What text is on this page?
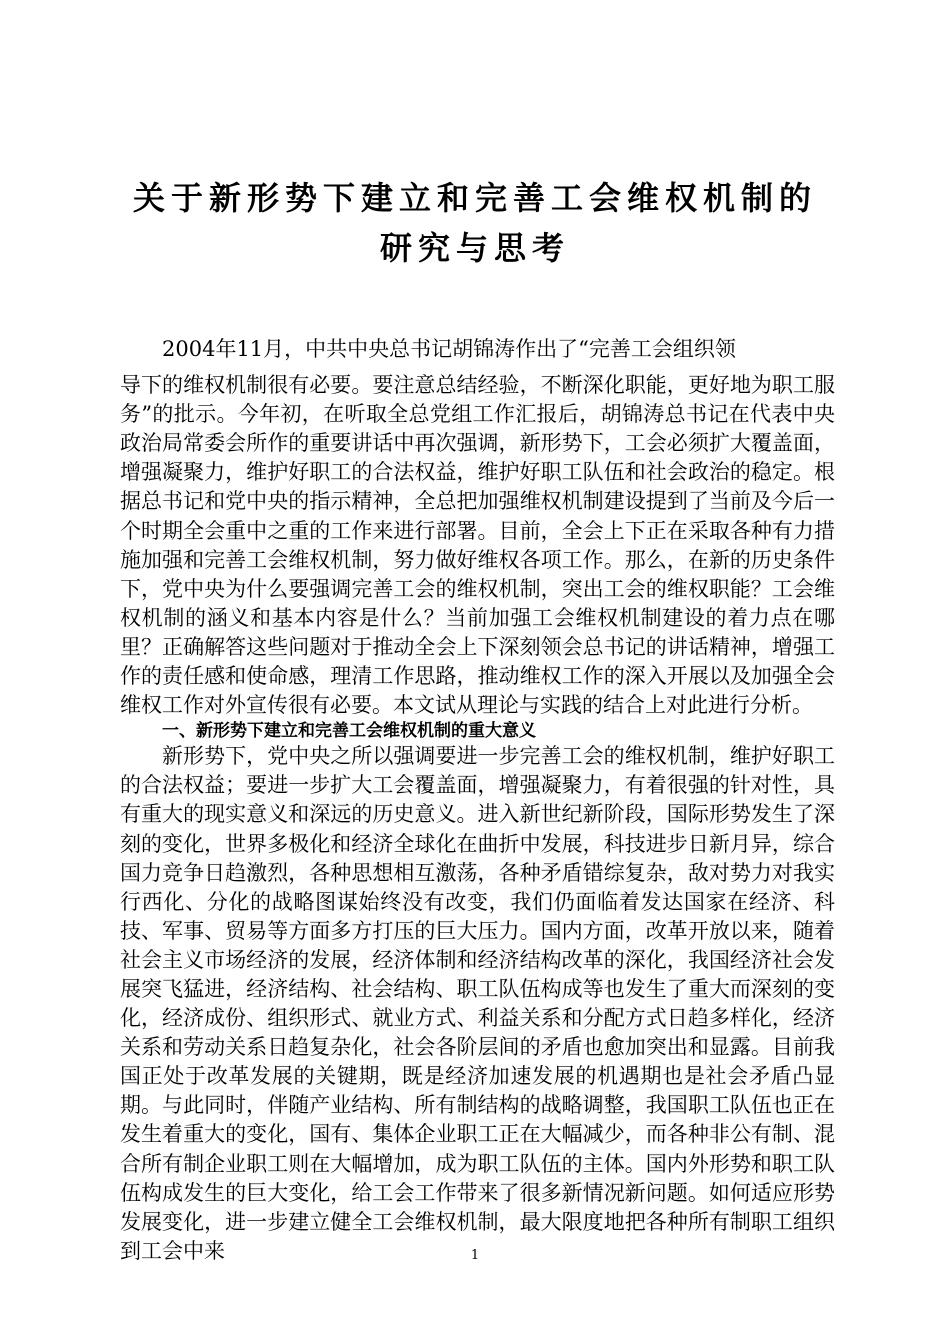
关于新形势下建立和完善工会维权机制的
研究与思考

2004年11月，中共中央总书记胡锦涛作出了“完善工会组织领
导下的维权机制很有必要。要注意总结经验，不断深化职能，更好地为职工服务”的批示。今年初，在听取全总党组工作汇报后，胡锦涛总书记在代表中央政治局常委会所作的重要讲话中再次强调，新形势下，工会必须扩大覆盖面，增强凝聚力，维护好职工的合法权益，维护好职工队伍和社会政治的稳定。根据总书记和党中央的指示精神，全总把加强维权机制建设提到了当前及今后一个时期全会重中之重的工作来进行部署。目前，全会上下正在采取各种有力措施加强和完善工会维权机制，努力做好维权各项工作。那么，在新的历史条件下，党中央为什么要强调完善工会的维权机制，突出工会的维权职能？工会维权机制的涵义和基本内容是什么？当前加强工会维权机制建设的着力点在哪里？正确解答这些问题对于推动全会上下深刻领会总书记的讲话精神，增强工作的责任感和使命感，理清工作思路，推动维权工作的深入开展以及加强全会维权工作对外宣传很有必要。本文试从理论与实践的结合上对此进行分析。

一、新形势下建立和完善工会维权机制的重大意义

新形势下，党中央之所以强调要进一步完善工会的维权机制，维护好职工的合法权益；要进一步扩大工会覆盖面，增强凝聚力，有着很强的针对性，具有重大的现实意义和深远的历史意义。进入新世纪新阶段，国际形势发生了深刻的变化，世界多极化和经济全球化在曲折中发展，科技进步日新月异，综合国力竞争日趋激烈，各种思想相互激荡，各种矛盾错综复杂，敌对势力对我实行西化、分化的战略图谋始终没有改变，我们仍面临着发达国家在经济、科技、军事、贸易等方面多方打压的巨大压力。国内方面，改革开放以来，随着社会主义市场经济的发展，经济体制和经济结构改革的深化，我国经济社会发展突飞猛进，经济结构、社会结构、职工队伍构成等也发生了重大而深刻的变化，经济成份、组织形式、就业方式、利益关系和分配方式日趋多样化，经济关系和劳动关系日趋复杂化，社会各阶层间的矛盾也愈加突出和显露。目前我国正处于改革发展的关键期，既是经济加速发展的机遇期也是社会矛盾凸显期。与此同时，伴随产业结构、所有制结构的战略调整，我国职工队伍也正在发生着重大的变化，国有、集体企业职工正在大幅减少，而各种非公有制、混合所有制企业职工则在大幅增加，成为职工队伍的主体。国内外形势和职工队伍构成发生的巨大变化，给工会工作带来了很多新情况新问题。如何适应形势发展变化，进一步建立健全工会维权机制，最大限度地把各种所有制职工组织到工会中来	1
